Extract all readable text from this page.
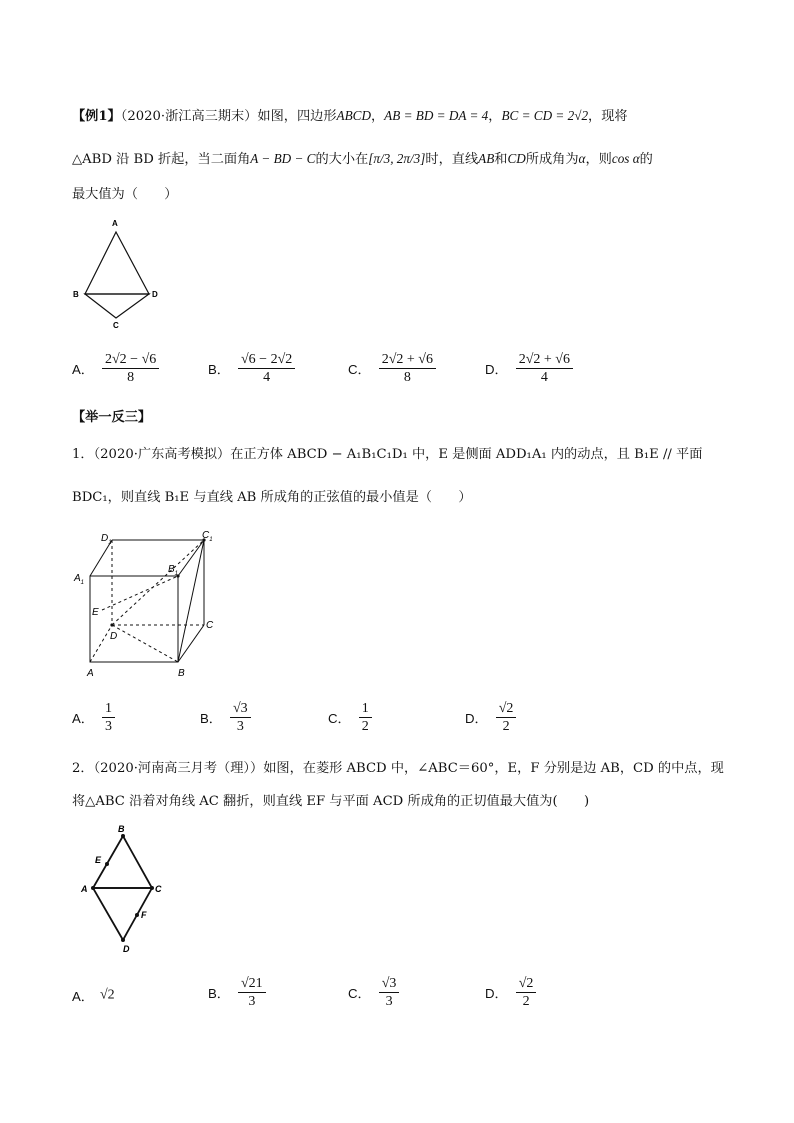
【例1】（2020·浙江高三期末）如图，四边形ABCD，AB = BD = DA = 4，BC = CD = 2√2，现将
△ABD 沿 BD 折起，当二面角A − BD − C的大小在[π/3, 2π/3]时，直线AB和CD所成角为α，则cos α的
最大值为（　　）
A
B	D
C
A． $\frac{2√2 - √6}{8}$	B． $\frac{√6 - 2√2}{4}$	C． $\frac{2√2 + √6}{8}$	D． $\frac{2√2 + √6}{4}$
【举一反三】
1．（2020·广东高考模拟）在正方体 ABCD − A₁B₁C₁D₁ 中，E 是侧面 ADD₁A₁ 内的动点，且 B₁E // 平面
BDC₁，则直线 B₁E 与直线 AB 所成角的正弦值的最小值是（　　）
$D_1$
$C_1$
$A_1$
$B_1$
E
D
C
A	B
A． $\frac{1}{3}$	B． $\frac{√3}{3}$	C． $\frac{1}{2}$	D． $\frac{√2}{2}$
2．（2020·河南高三月考（理））如图，在菱形 ABCD 中，∠ABC＝60°，E，F 分别是边 AB，CD 的中点，现
将△ABC 沿着对角线 AC 翻折，则直线 EF 与平面 ACD 所成角的正切值最大值为(　　)
B
E
A	C
F
D
A． √2	B． $\frac{√21}{3}$	C． $\frac{√3}{3}$	D． $\frac{√2}{2}$
